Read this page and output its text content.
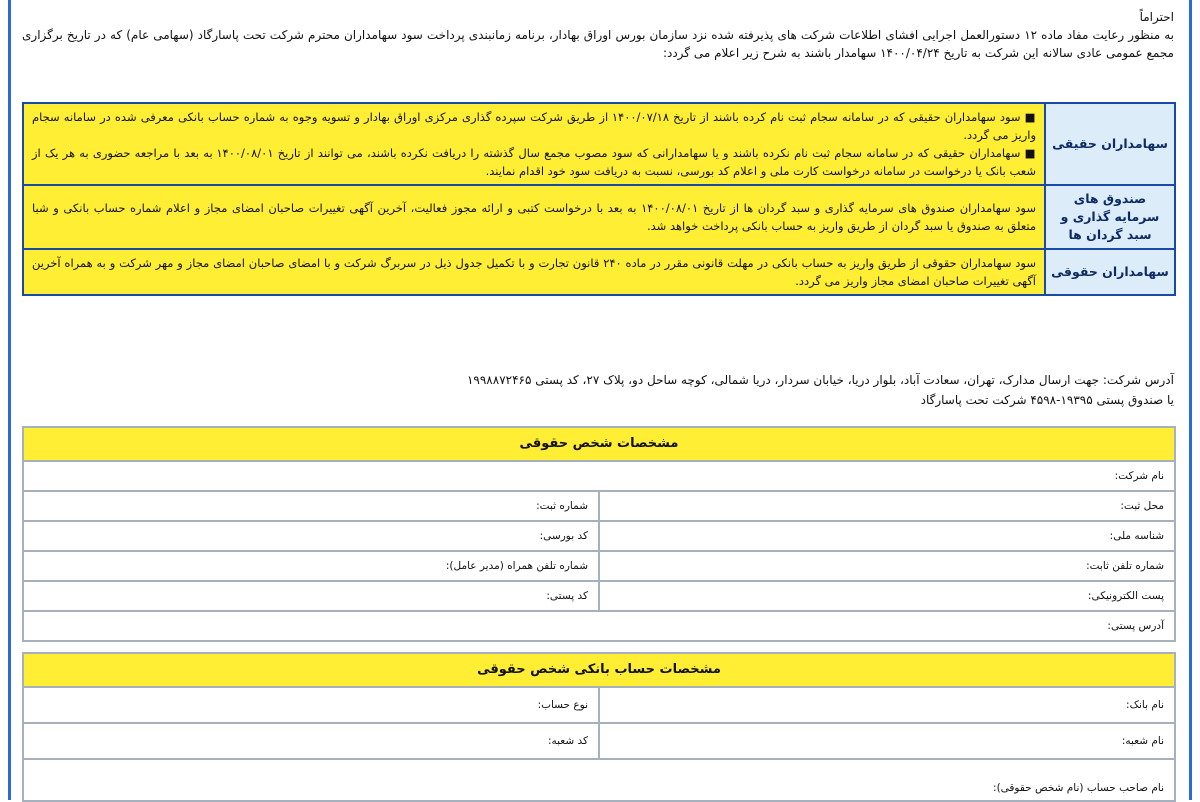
احتراماً
به منظور رعایت مفاد ماده ۱۲ دستورالعمل اجرایی افشای اطلاعات شرکت های پذیرفته شده نزد سازمان بورس اوراق بهادار، برنامه زمانبندی پرداخت سود سهامداران محترم شرکت تحت پاسارگاد (سهامی عام) که در تاریخ برگزاری مجمع عمومی عادی سالانه این شرکت به تاریخ ۱۴۰۰/۰۴/۲۴ سهامدار باشند به شرح زیر اعلام می گردد:
سهامداران حقیقی	■ سود سهامداران حقیقی که در سامانه سجام ثبت نام کرده باشند از تاریخ ۱۴۰۰/۰۷/۱۸ از طریق شرکت سپرده گذاری مرکزی اوراق بهادار و تسویه وجوه به شماره حساب بانکی معرفی شده در سامانه سجام واریز می گردد.
■ سهامداران حقیقی که در سامانه سجام ثبت نام نکرده باشند و یا سهامدارانی که سود مصوب مجمع سال گذشته را دریافت نکرده باشند، می توانند از تاریخ ۱۴۰۰/۰۸/۰۱ به بعد با مراجعه حضوری به هر یک از شعب بانک یا درخواست در سامانه درخواست کارت ملی و اعلام کد بورسی، نسبت به دریافت سود خود اقدام نمایند.

صندوق های سرمایه گذاری و سبد گردان ها	سود سهامداران صندوق های سرمایه گذاری و سبد گردان ها از تاریخ ۱۴۰۰/۰۸/۰۱ به بعد با درخواست کتبی و ارائه مجوز فعالیت، آخرین آگهی تغییرات صاحبان امضای مجاز و اعلام شماره حساب بانکی و شبا متعلق به صندوق یا سبد گردان از طریق واریز به حساب بانکی پرداخت خواهد شد.

سهامداران حقوقی	سود سهامداران حقوقی از طریق واریز به حساب بانکی در مهلت قانونی مقرر در ماده ۲۴۰ قانون تجارت و با تکمیل جدول ذیل در سربرگ شرکت و با امضای صاحبان امضای مجاز و مهر شرکت و به همراه آخرین آگهی تغییرات صاحبان امضای مجاز واریز می گردد.
آدرس شرکت: جهت ارسال مدارک، تهران، سعادت آباد، بلوار دریا، خیابان سردار، دریا شمالی، کوچه ساحل دو، پلاک ۲۷، کد پستی ۱۹۹۸۸۷۲۴۶۵
یا صندوق پستی ۱۹۳۹۵-۴۵۹۸ شرکت تحت پاسارگاد
مشخصات شخص حقوقی
نام شرکت:
محل ثبت:
شماره ثبت:
شناسه ملی:
کد بورسی:
شماره تلفن ثابت:
شماره تلفن همراه (مدیر عامل):
پست الکترونیکی:
کد پستی:
آدرس پستی:
مشخصات حساب بانکی شخص حقوقی
نام بانک:
نوع حساب:
نام شعبه:
کد شعبه:
نام صاحب حساب (نام شخص حقوقی):
